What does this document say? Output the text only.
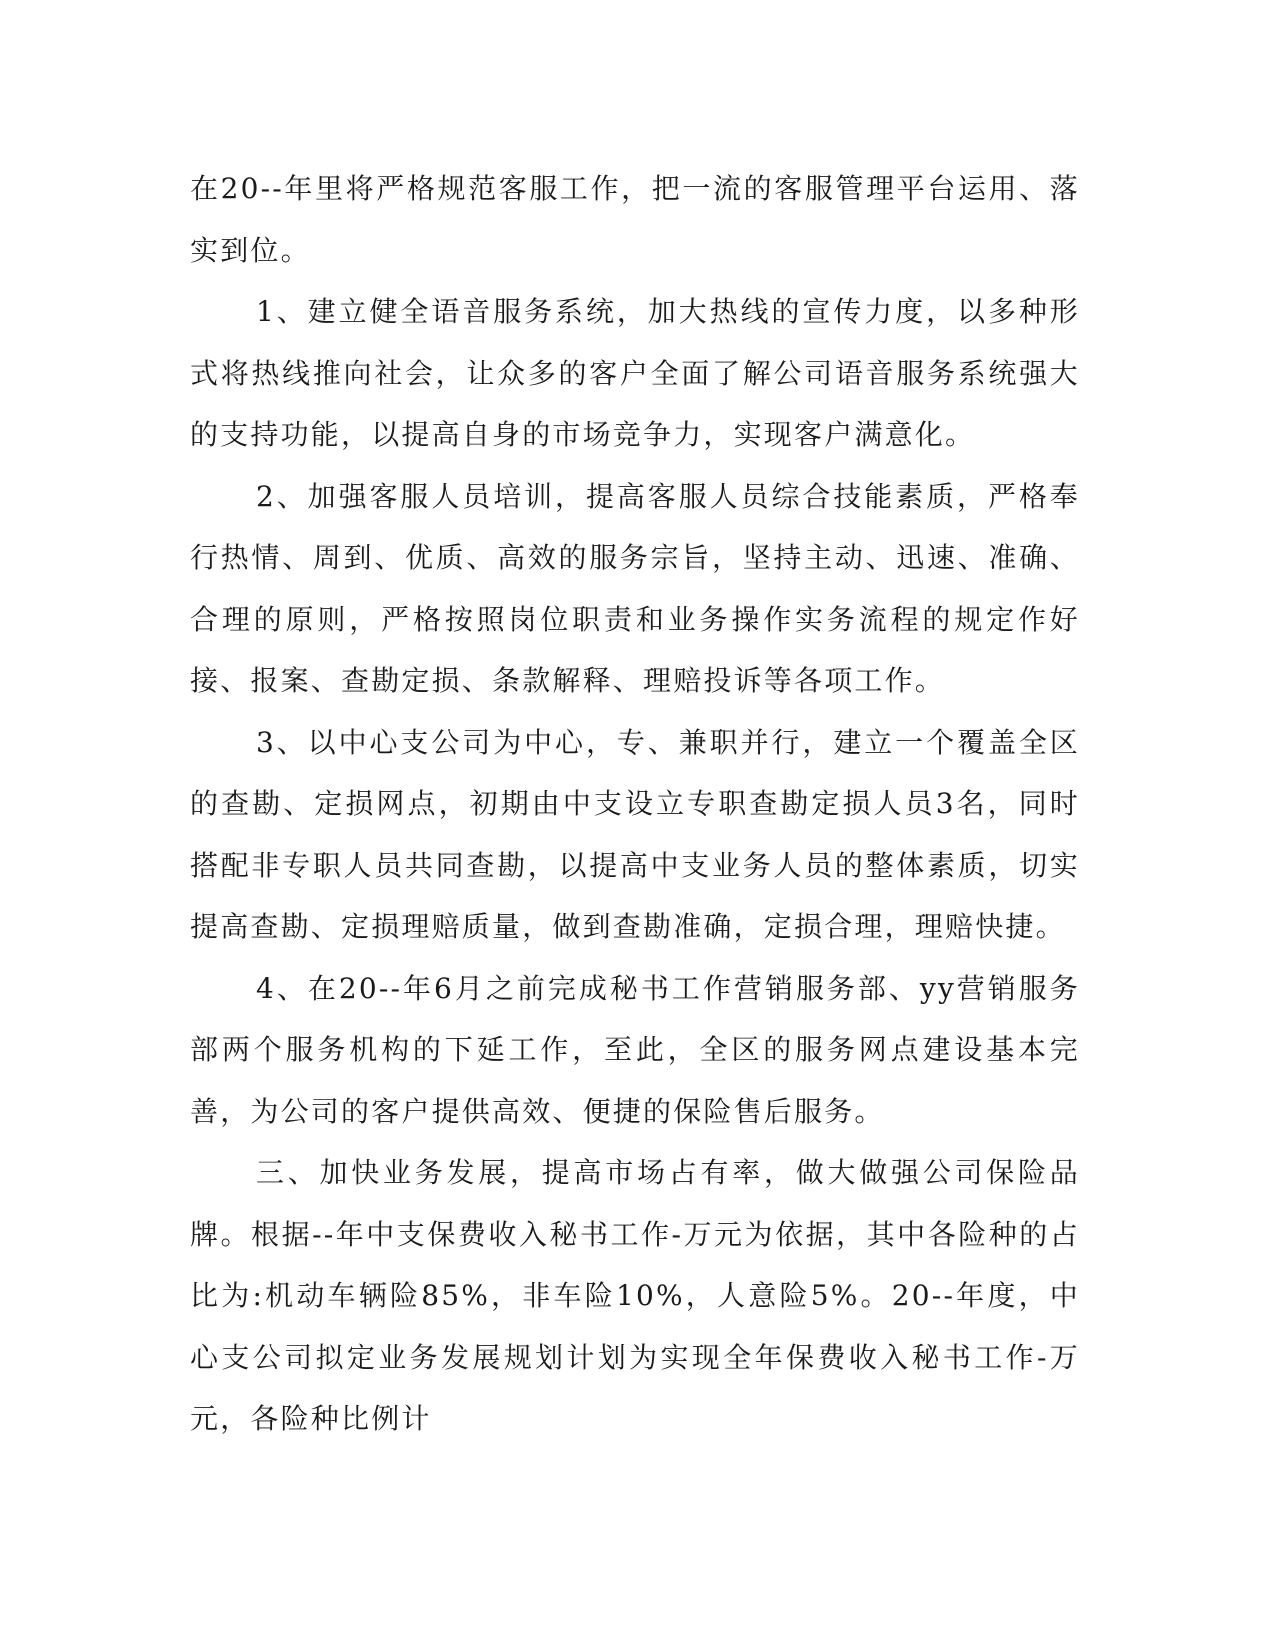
在20--年里将严格规范客服工作，把一流的客服管理平台运用、落实到位。

1、建立健全语音服务系统，加大热线的宣传力度，以多种形式将热线推向社会，让众多的客户全面了解公司语音服务系统强大的支持功能，以提高自身的市场竞争力，实现客户满意化。

2、加强客服人员培训，提高客服人员综合技能素质，严格奉行热情、周到、优质、高效的服务宗旨，坚持主动、迅速、准确、合理的原则，严格按照岗位职责和业务操作实务流程的规定作好接、报案、查勘定损、条款解释、理赔投诉等各项工作。

3、以中心支公司为中心，专、兼职并行，建立一个覆盖全区的查勘、定损网点，初期由中支设立专职查勘定损人员3名，同时搭配非专职人员共同查勘，以提高中支业务人员的整体素质，切实提高查勘、定损理赔质量，做到查勘准确，定损合理，理赔快捷。

4、在20--年6月之前完成秘书工作营销服务部、yy营销服务部两个服务机构的下延工作，至此，全区的服务网点建设基本完善，为公司的客户提供高效、便捷的保险售后服务。

三、加快业务发展，提高市场占有率，做大做强公司保险品牌。根据--年中支保费收入秘书工作-万元为依据，其中各险种的占比为:机动车辆险85%，非车险10%，人意险5%。20--年度，中心支公司拟定业务发展规划计划为实现全年保费收入秘书工作-万元，各险种比例计
